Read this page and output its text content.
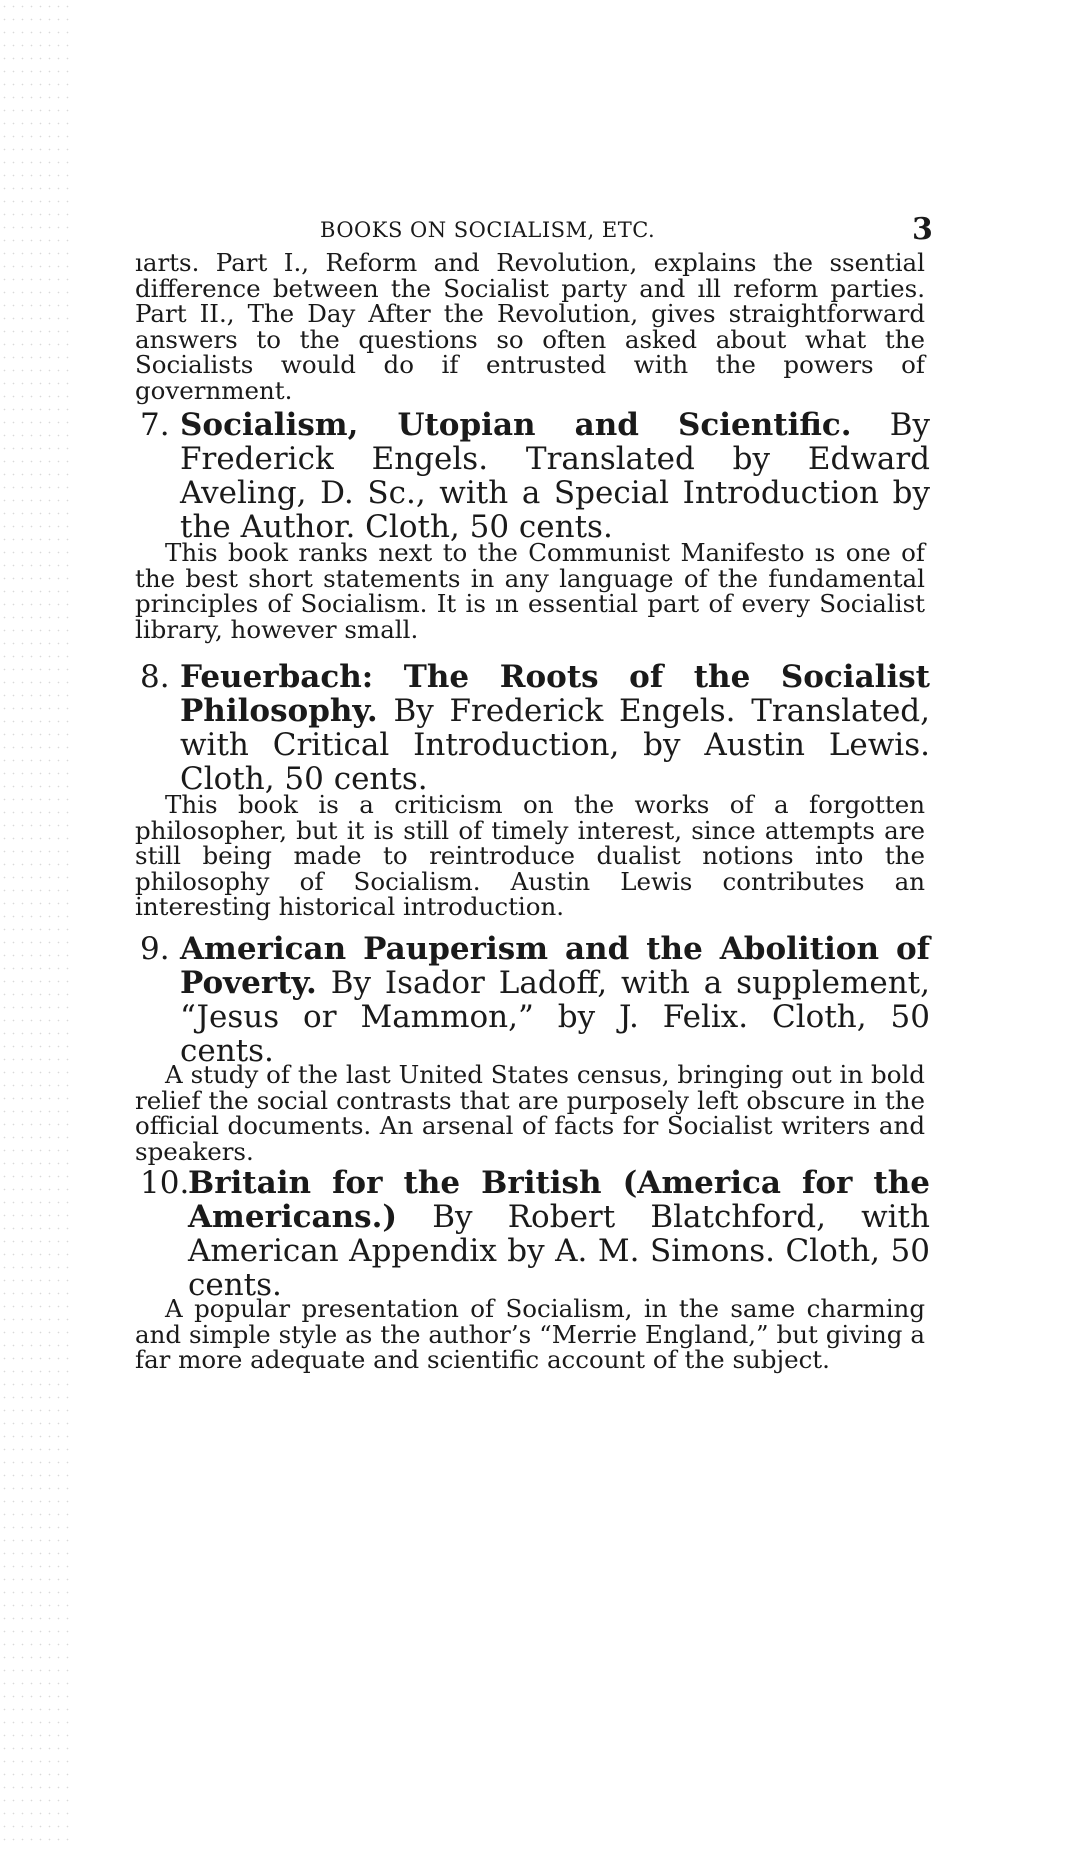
BOOKS ON SOCIALISM, ETC.	3

ıarts. Part I., Reform and Revolution, explains the ssential difference between the Socialist party and ıll reform parties. Part II., The Day After the Revolution, gives straightforward answers to the questions so often asked about what the Socialists would do if entrusted with the powers of government.

7. Socialism, Utopian and Scientific. By Frederick Engels. Translated by Edward Aveling, D. Sc., with a Special Introduction by the Author. Cloth, 50 cents.

This book ranks next to the Communist Manifesto ıs one of the best short statements in any language of the fundamental principles of Socialism. It is ın essential part of every Socialist library, however small.

8. Feuerbach: The Roots of the Socialist Philosophy. By Frederick Engels. Translated, with Critical Introduction, by Austin Lewis. Cloth, 50 cents.

This book is a criticism on the works of a forgotten philosopher, but it is still of timely interest, since attempts are still being made to reintroduce dualist notions into the philosophy of Socialism. Austin Lewis contributes an interesting historical introduction.

9. American Pauperism and the Abolition of Poverty. By Isador Ladoff, with a supplement, “Jesus or Mammon,” by J. Felix. Cloth, 50 cents.

A study of the last United States census, bringing out in bold relief the social contrasts that are purposely left obscure in the official documents. An arsenal of facts for Socialist writers and speakers.

10.
Britain for the British (America for the Americans.) By Robert Blatchford, with American Appendix by A. M. Simons. Cloth, 50 cents.

A popular presentation of Socialism, in the same charming and simple style as the author’s “Merrie England,” but giving a far more adequate and scientific account of the subject.
